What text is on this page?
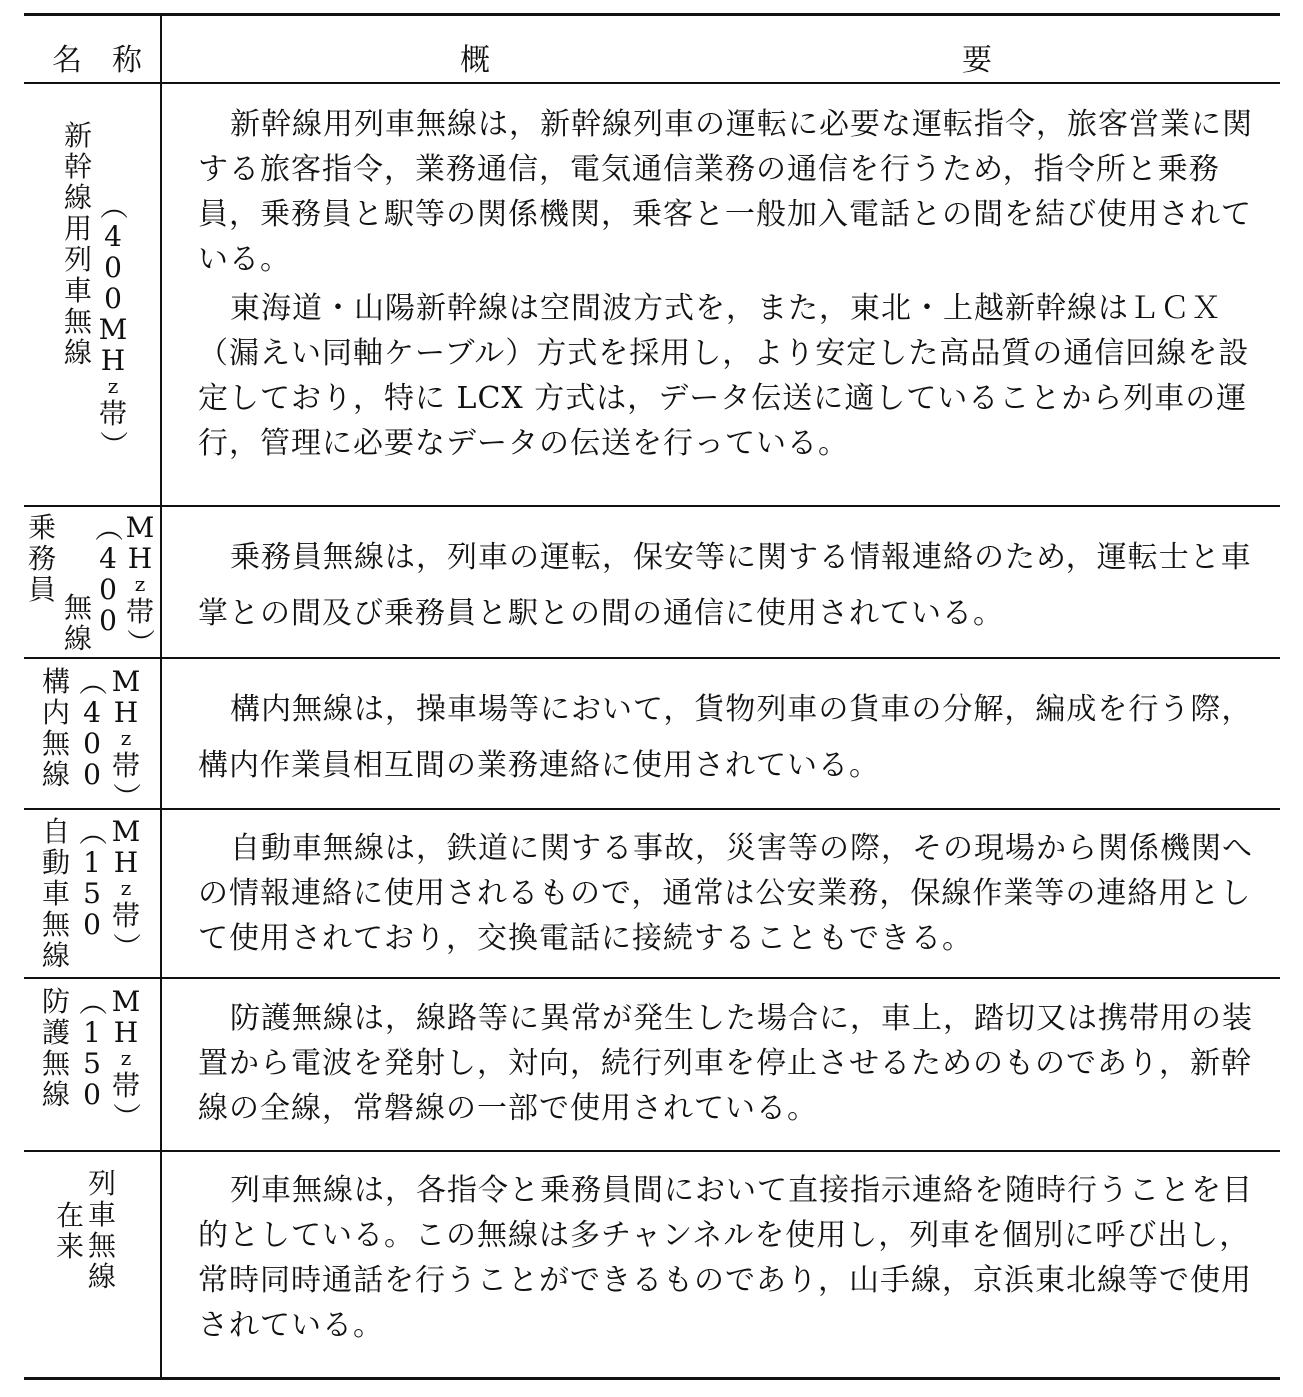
名 称	概	要
新
幹
線
用
列
車
無
線
（
4
0
0
M
H
z
帯
）

新幹線用列車無線は，新幹線列車の運転に必要な運転指令，旅客営業に関する旅客指令，業務通信，電気通信業務の通信を行うため，指令所と乗務員，乗務員と駅等の関係機関，乗客と一般加入電話との間を結び使用されている。

東海道・山陽新幹線は空間波方式を，また，東北・上越新幹線はＬＣＸ（漏えい同軸ケーブル）方式を採用し，より安定した高品質の通信回線を設定しており，特に LCX 方式は，データ伝送に適していることから列車の運行，管理に必要なデータの伝送を行っている。

乗
務
員
無
線
（
4
0
0
M
H
z
帯
）

乗務員無線は，列車の運転，保安等に関する情報連絡のため，運転士と車掌との間及び乗務員と駅との間の通信に使用されている。

構
内
無
線
（
4
0
0
M
H
z
帯
）

構内無線は，操車場等において，貨物列車の貨車の分解，編成を行う際，構内作業員相互間の業務連絡に使用されている。

自
動
車
無
線
（
1
5
0
M
H
z
帯
）

自動車無線は，鉄道に関する事故，災害等の際，その現場から関係機関への情報連絡に使用されるもので，通常は公安業務，保線作業等の連絡用として使用されており，交換電話に接続することもできる。

防
護
無
線
（
1
5
0
M
H
z
帯
）

防護無線は，線路等に異常が発生した場合に，車上，踏切又は携帯用の装置から電波を発射し，対向，続行列車を停止させるためのものであり，新幹線の全線，常磐線の一部で使用されている。

在
来
列
車
無
線

列車無線は，各指令と乗務員間において直接指示連絡を随時行うことを目的としている。この無線は多チャンネルを使用し，列車を個別に呼び出し，常時同時通話を行うことができるものであり，山手線，京浜東北線等で使用されている。
